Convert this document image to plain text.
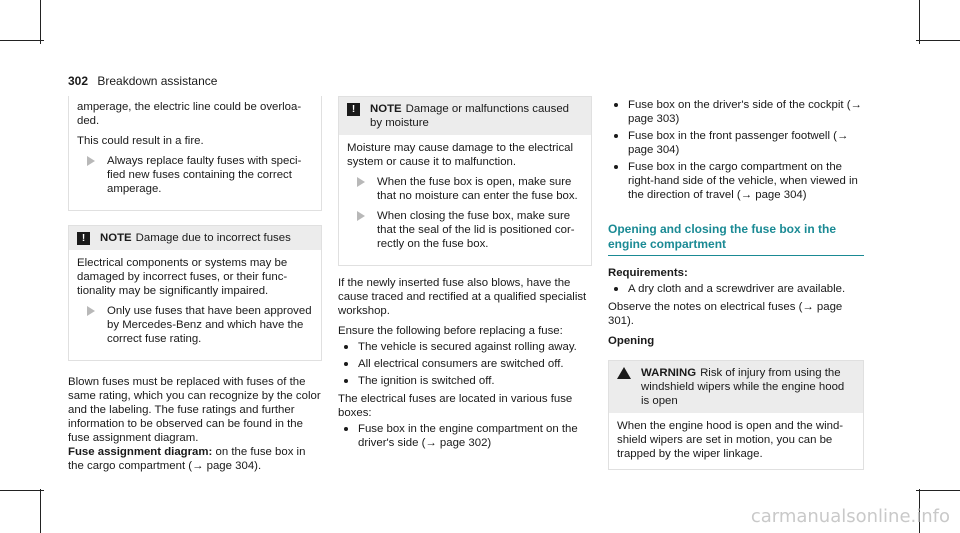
302 Breakdown assistance

amperage, the electric line could be overloaded.

This could result in a fire.

Always replace faulty fuses with specified new fuses containing the correct amperage.
!	NOTE Damage due to incorrect fuses

Electrical components or systems may be damaged by incorrect fuses, or their functionality may be significantly impaired.

Only use fuses that have been approved by Mercedes-Benz and which have the correct fuse rating.

Blown fuses must be replaced with fuses of the same rating, which you can recognize by the color and the labeling. The fuse ratings and further information to be observed can be found in the fuse assignment diagram.

Fuse assignment diagram: on the fuse box in the cargo compartment (→ page 304).

!	NOTE Damage or malfunctions caused by moisture

Moisture may cause damage to the electrical system or cause it to malfunction.

When the fuse box is open, make sure that no moisture can enter the fuse box.
When closing the fuse box, make sure that the seal of the lid is positioned correctly on the fuse box.

If the newly inserted fuse also blows, have the cause traced and rectified at a qualified specialist workshop.

Ensure the following before replacing a fuse:

The vehicle is secured against rolling away.
All electrical consumers are switched off.
The ignition is switched off.

The electrical fuses are located in various fuse boxes:

Fuse box in the engine compartment on the driver's side (→ page 302)
Fuse box on the driver's side of the cockpit (→ page 303)
Fuse box in the front passenger footwell (→ page 304)
Fuse box in the cargo compartment on the right-hand side of the vehicle, when viewed in the direction of travel (→ page 304)
Opening and closing the fuse box in the engine compartment

Requirements:

A dry cloth and a screwdriver are available.

Observe the notes on electrical fuses (→ page 301).

Opening

WARNING Risk of injury from using the windshield wipers while the engine hood is open

When the engine hood is open and the windshield wipers are set in motion, you can be trapped by the wiper linkage.

carmanualsonline.info
